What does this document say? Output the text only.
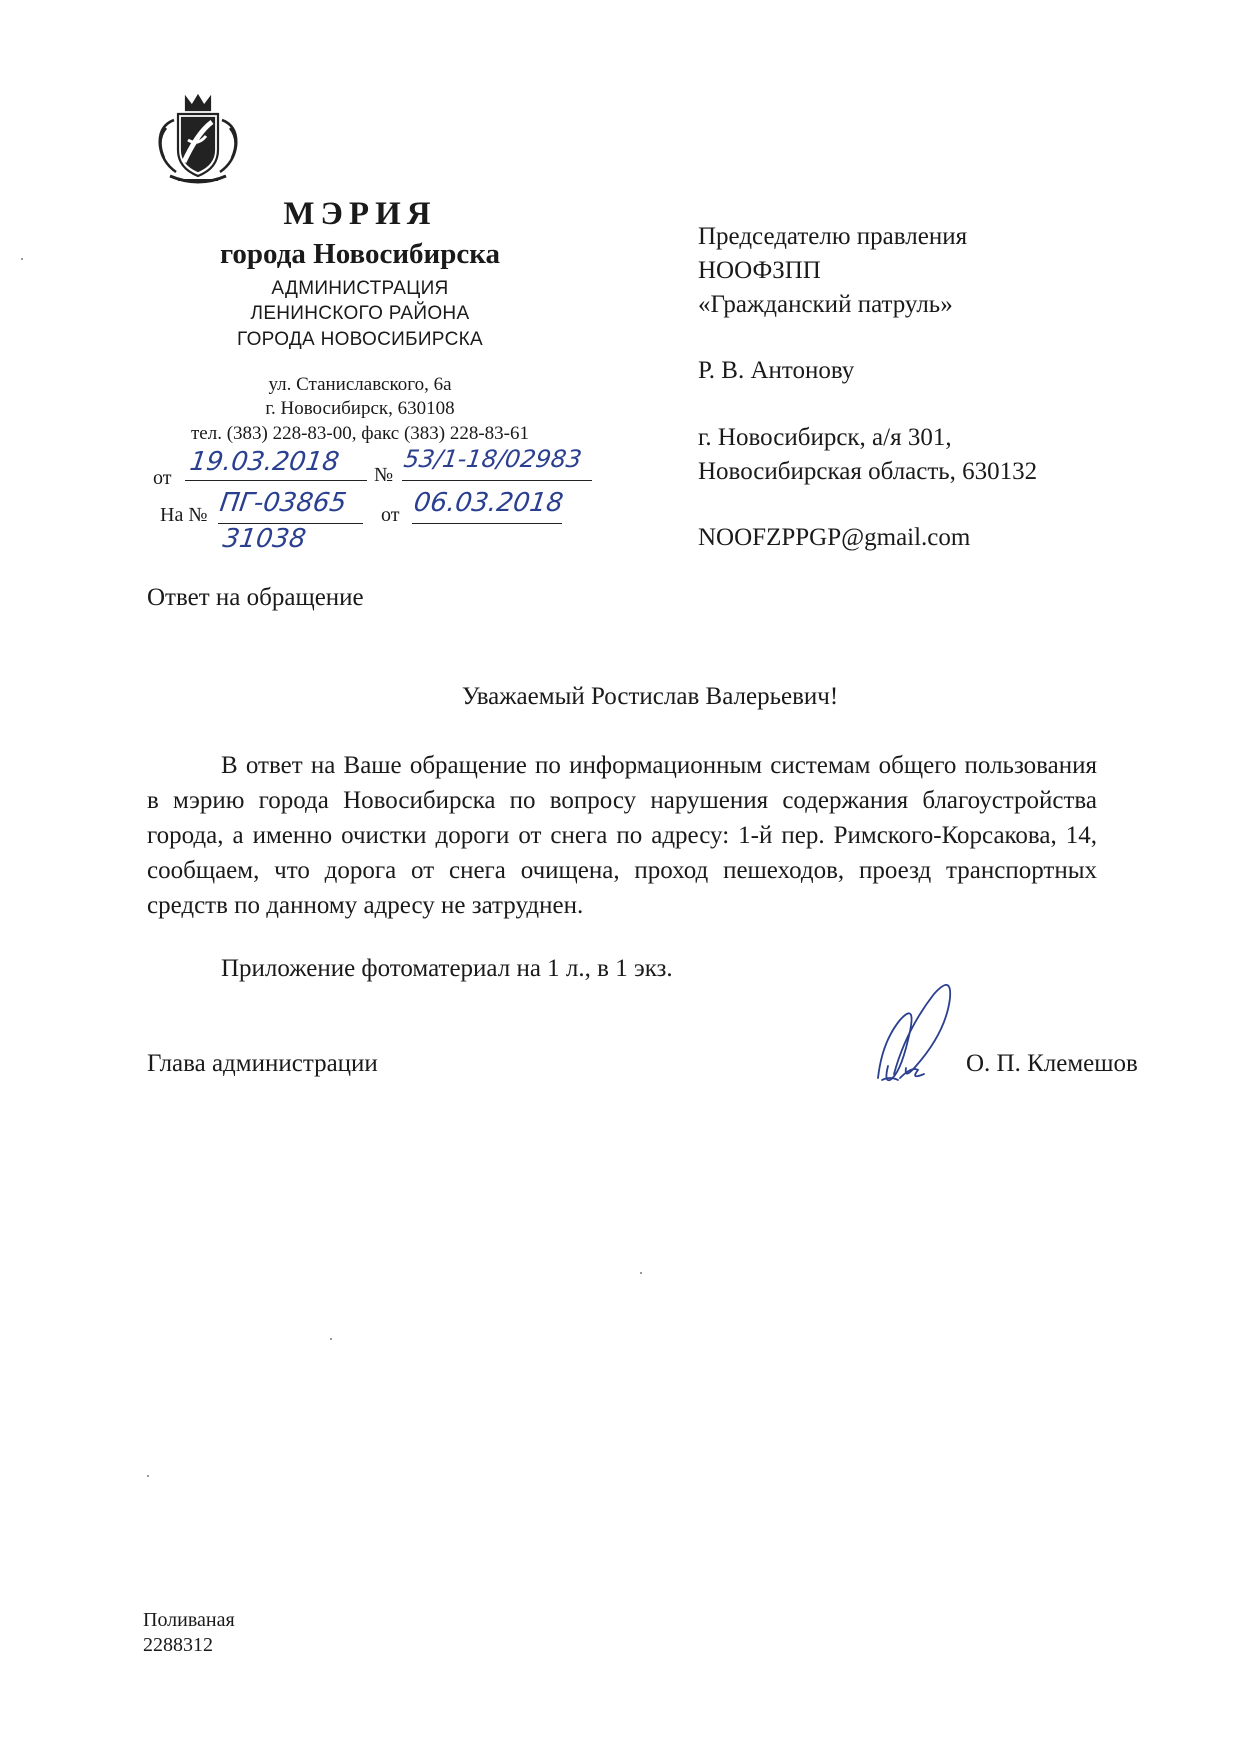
МЭРИЯ
города Новосибирска
АДМИНИСТРАЦИЯ
ЛЕНИНСКОГО РАЙОНА
ГОРОДА НОВОСИБИРСКА
ул. Станиславского, 6а
г. Новосибирск, 630108
тел. (383) 228-83-00, факс (383) 228-83-61
от
19.03.2018 №
53/1-18/02983
На № ПГ-03865 от 06.03.2018
31038
Председателю правления
НООФЗПП
«Гражданский патруль»
Р. В. Антонову
г. Новосибирск, а/я 301,
Новосибирская область, 630132
NOOFZPPGP@gmail.com
Ответ на обращение
Уважаемый Ростислав Валерьевич!

В ответ на Ваше обращение по информационным системам общего пользования в мэрию города Новосибирска по вопросу нарушения содержания благоустройства города, а именно очистки дороги от снега по адресу: 1-й пер. Римского-Корсакова, 14, сообщаем, что дорога от снега очищена, проход пешеходов, проезд транспортных средств по данному адресу не затруднен.

Приложение фотоматериал на 1 л., в 1 экз.
Глава администрации	О. П. Клемешов
Поливаная
2288312
